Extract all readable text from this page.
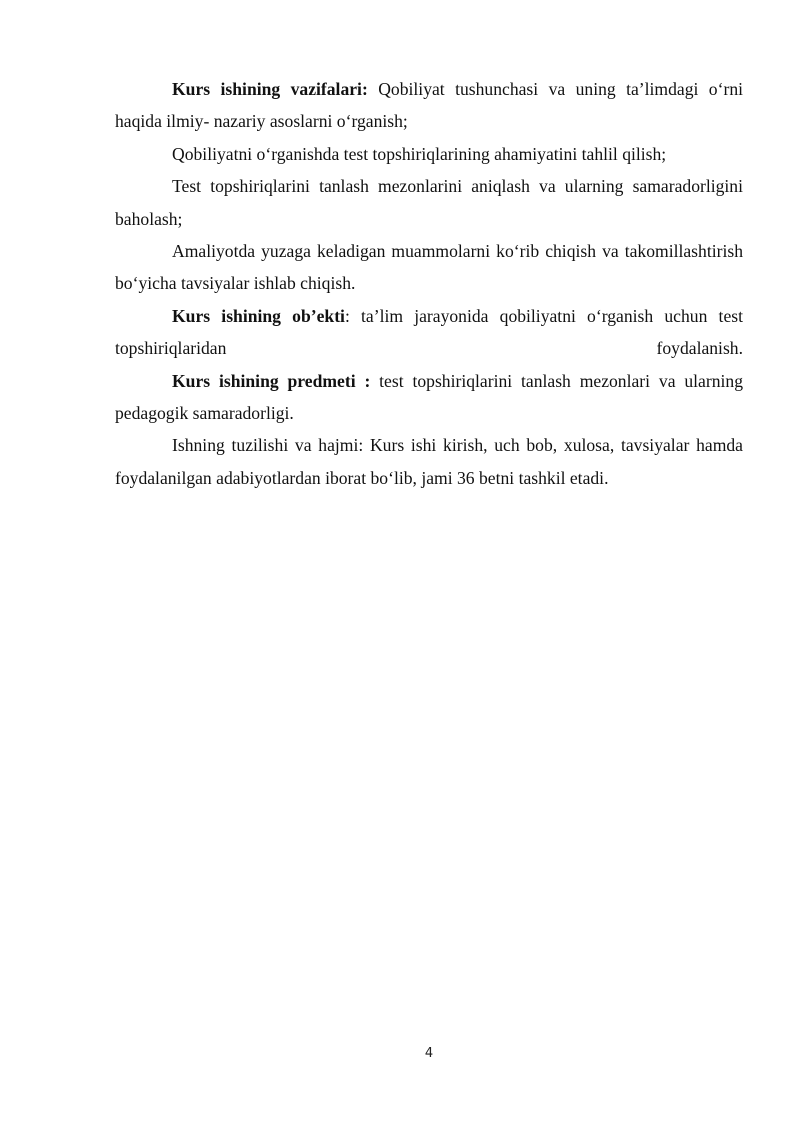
Kurs ishining vazifalari: Qobiliyat tushunchasi va uning ta’limdagi o‘rni haqida ilmiy- nazariy asoslarni o‘rganish;

Qobiliyatni o‘rganishda test topshiriqlarining ahamiyatini tahlil qilish;

Test topshiriqlarini tanlash mezonlarini aniqlash va ularning samaradorligini baholash;

Amaliyotda yuzaga keladigan muammolarni ko‘rib chiqish va takomillashtirish bo‘yicha tavsiyalar ishlab chiqish.

Kurs ishining ob’ekti: ta’lim jarayonida qobiliyatni o‘rganish uchun test topshiriqlaridan foydalanish.

Kurs ishining predmeti : test topshiriqlarini tanlash mezonlari va ularning pedagogik samaradorligi.

Ishning tuzilishi va hajmi: Kurs ishi kirish, uch bob, xulosa, tavsiyalar hamda foydalanilgan adabiyotlardan iborat bo‘lib, jami 36 betni tashkil etadi.

4
